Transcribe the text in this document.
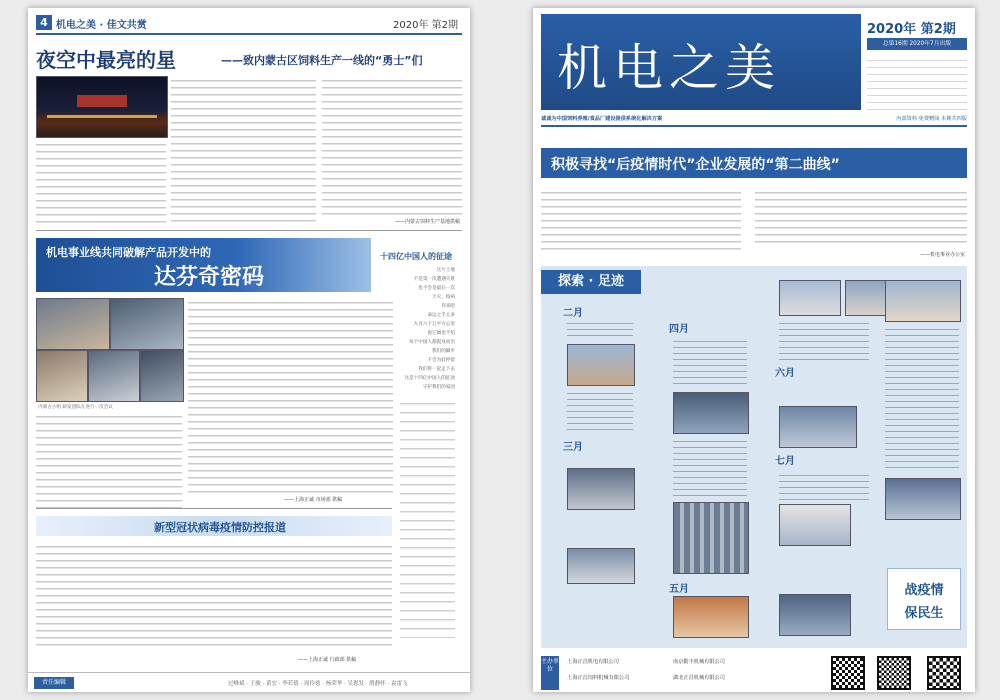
4 机电之美 · 佳文共赏	2020年 第2期
夜空中最亮的星	——致内蒙古区饲料生产一线的“勇士”们
——内蒙古饲料生产基地供稿
机电事业线共同破解产品开发中的
达芬奇密码
十四亿中国人的征途
这片土地
不是第一次遭遇灾难
也不会是最后一次
天灾、疫病
你来吧
命运之手太多
九百六十万平方公里
再辽阔也不怕
每个中国人都挺身而出
我们的脚步
不会为此停留
我们将一起走下去
这是十四亿中国人的征途
守护我们的家园
内蒙古小组 研发团队在进行一次会议
——上海正诚 市场部 供稿
新型冠状病毒疫情防控报道
——上海正诚 行政部 供稿
责任编辑	过峰斌 · 王骏 · 黄宏 · 李若僖 · 周伶慈 · 杨荣华 · 吴恩发 · 殷静怀 · 袁雷飞
机电之美
2020年 第2期
总第16期 2020年7月出版
诚诚为中国饲料养殖/食品厂建设提供系统化解决方案	内部资料 免费赠阅 本期共四版
积极寻找“后疫情时代”企业发展的“第二曲线”
——机电事业办公室
探索 · 足迹
二月
三月
四月
五月
六月
七月
战疫情
保民生
主办单位
上海正昌机电有限公司
上海正昌饲料机械有限公司
南京勤丰机械有限公司
湖北正昌机械有限公司
